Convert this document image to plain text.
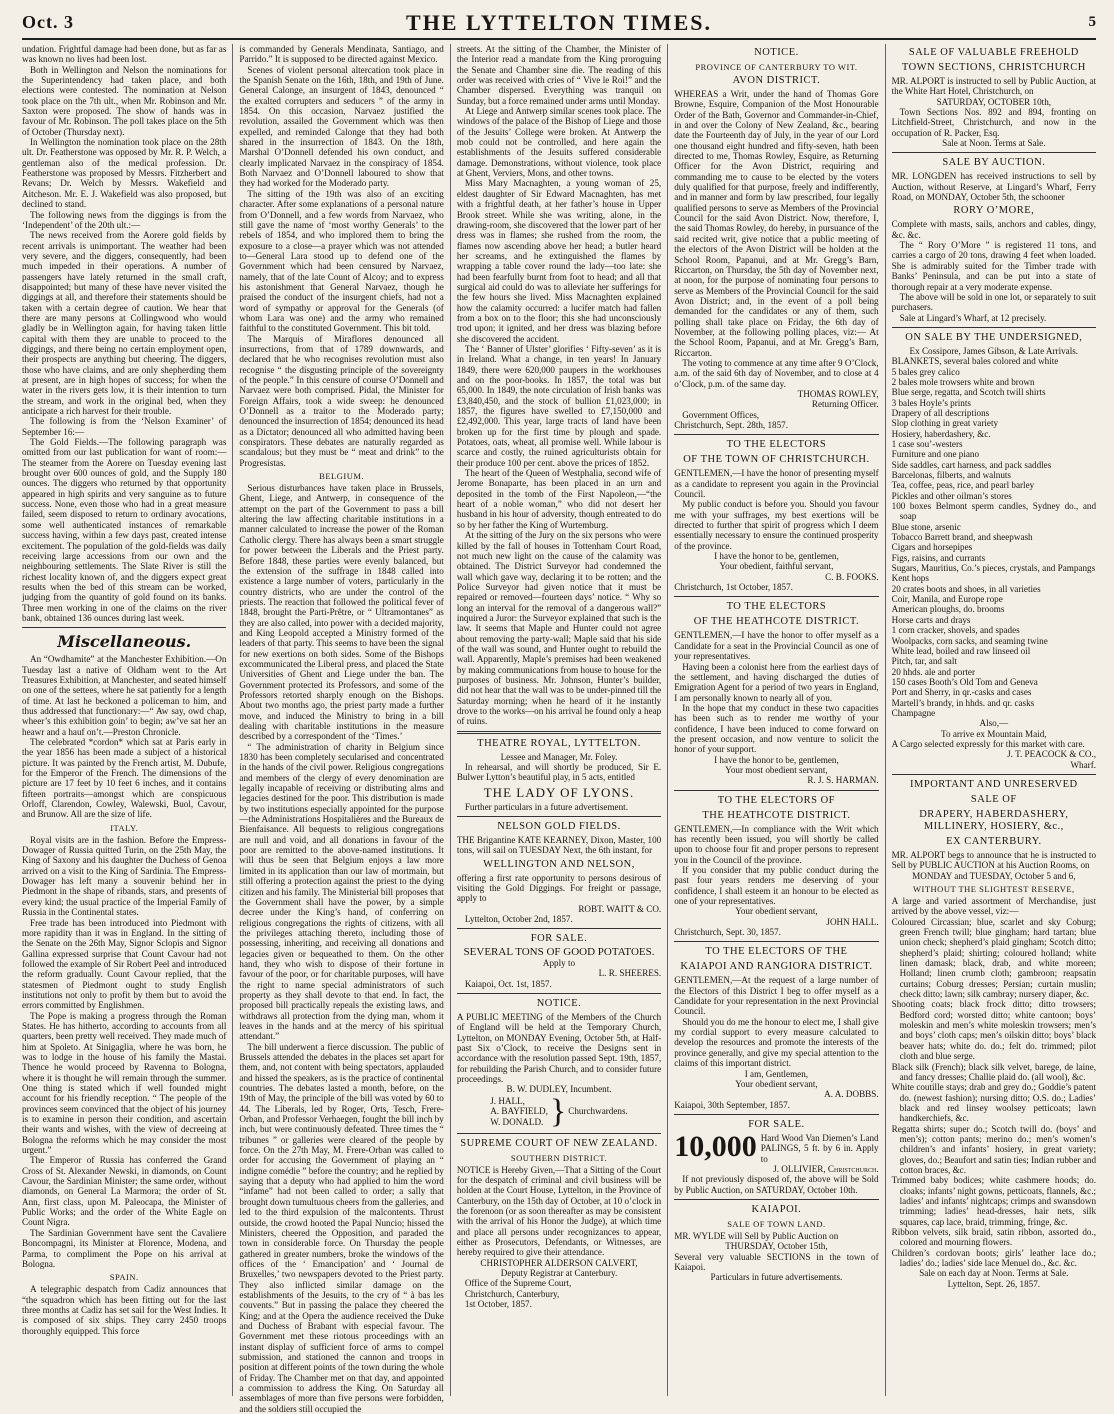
Oct. 3	THE LYTTELTON TIMES.	5

undation. Frightful damage had been done, but as far as was known no lives had been lost.

Both in Wellington and Nelson the nominations for the Superintendency had taken place, and both elections were contested. The nomination at Nelson took place on the 7th ult., when Mr. Robinson and Mr. Saxton were proposed. The show of hands was in favour of Mr. Robinson. The poll takes place on the 5th of October (Thursday next).

In Wellington the nomination took place on the 28th ult. Dr. Featherstone was opposed by Mr. R. P. Welch, a gentleman also of the medical profession. Dr. Featherstone was proposed by Messrs. Fitzherbert and Revans; Dr. Welch by Messrs. Wakefield and Aitcheson. Mr. E. J. Wakefield was also proposed, but declined to stand.

The following news from the diggings is from the ‘Independent’ of the 20th ult.:—

The news received from the Aorere gold fields by recent arrivals is unimportant. The weather had been very severe, and the diggers, consequently, had been much impeded in their operations. A number of passengers have lately returned in the small craft, disappointed; but many of these have never visited the diggings at all, and therefore their statements should be taken with a certain degree of caution. We hear that there are many persons at Collingwood who would gladly be in Wellington again, for having taken little capital with them they are unable to proceed to the diggings, and there being no certain employment open, their prospects are anything but cheering. The diggers, those who have claims, and are only shepherding them at present, are in high hopes of success; for when the water in the rivers gets low, it is their intention to turn the stream, and work in the original bed, when they anticipate a rich harvest for their trouble.

The following is from the ‘Nelson Examiner’ of September 16:—

The Gold Fields.—The following paragraph was omitted from our last publication for want of room:—The steamer from the Aorere on Tuesday evening last brought over 600 ounces of gold, and the Supply 180 ounces. The diggers who returned by that opportunity appeared in high spirits and very sanguine as to future success. None, even those who had in a great measure failed, seem disposed to return to ordinary avocations, some well authenticated instances of remarkable success having, within a few days past, created intense excitement. The population of the gold-fields was daily receiving large accessions from our own and the neighbouring settlements. The Slate River is still the richest locality known of, and the diggers expect great results when the bed of this stream can be worked, judging from the quantity of gold found on its banks. Three men working in one of the claims on the river bank, obtained 136 ounces during last week.

Miscellaneous.

An “Owdhamite” at the Manchester Exhibition.—On Tuesday last a native of Oldham went to the Art Treasures Exhibition, at Manchester, and seated himself on one of the settees, where he sat patiently for a length of time. At last he beckoned a policeman to him, and thus addressed that functionary:—“ Aw say, owd chap, wheer’s this exhibition goin’ to begin; aw’ve sat her an heawr and a hauf on’t.—Preston Chronicle.

The celebrated *cordon* which sat at Paris early in the year 1856 has been made a subject of a historical picture. It was painted by the French artist, M. Dubufe, for the Emperor of the French. The dimensions of the picture are 17 feet by 10 feet 6 inches, and it contains fifteen portraits—amongst which are conspicuous Orloff, Clarendon, Cowley, Walewski, Buol, Cavour, and Brunow. All are the size of life.

ITALY.

Royal visits are in the fashion. Before the Empress-Dowager of Russia quitted Turin, on the 25th May, the King of Saxony and his daughter the Duchess of Genoa arrived on a visit to the King of Sardinia. The Empress-Dowager has left many a souvenir behind her in Piedmont in the shape of ribands, stars, and presents of every kind; the usual practice of the Imperial Family of Russia in the Continental states.

Free trade has been introduced into Piedmont with more rapidity than it was in England. In the sitting of the Senate on the 26th May, Signor Sclopis and Signor Gallina expressed surprise that Count Cavour had not followed the example of Sir Robert Peel and introduced the reform gradually. Count Cavour replied, that the statesmen of Piedmont ought to study English institutions not only to profit by them but to avoid the errors committed by Englishmen.

The Pope is making a progress through the Roman States. He has hitherto, according to accounts from all quarters, been pretty well received. They made much of him at Spoleto. At Sinigaglia, where he was born, he was to lodge in the house of his family the Mastai. Thence he would proceed by Ravenna to Bologna, where it is thought he will remain through the summer. One thing is stated which if well founded might account for his friendly reception. “ The people of the provinces seem convinced that the object of his journey is to examine in person their condition, and ascertain their wants and wishes, with the view of decreeing at Bologna the reforms which he may consider the most urgent.”

The Emperor of Russia has conferred the Grand Cross of St. Alexander Newski, in diamonds, on Count Cavour, the Sardinian Minister; the same order, without diamonds, on General La Marmora; the order of St. Ann, first class, upon M. Paleocapa, the Minister of Public Works; and the order of the White Eagle on Count Nigra.

The Sardinian Government have sent the Cavaliere Boncompagni, its Minister at Florence, Modena, and Parma, to compliment the Pope on his arrival at Bologna.

SPAIN.

A telegraphic despatch from Cadiz announces that “the squadron which has been fitting out for the last three months at Cadiz has set sail for the West Indies. It is composed of six ships. They carry 2450 troops thoroughly equipped. This force

is commanded by Generals Mendinata, Santiago, and Parrido.” It is supposed to be directed against Mexico.

Scenes of violent personal altercation took place in the Spanish Senate on the 16th, 18th, and 19th of June. General Calonge, an insurgent of 1843, denounced “ the exalted corrupters and seducers ” of the army in 1854. On this occasion, Narvaez justified the revolution, assailed the Government which was then expelled, and reminded Calonge that they had both shared in the insurrection of 1843. On the 18th, Marshal O’Donnell defended his own conduct, and clearly implicated Narvaez in the conspiracy of 1854. Both Narvaez and O’Donnell laboured to show that they had worked for the Moderado party.

The sitting of the 19th was also of an exciting character. After some explanations of a personal nature from O’Donnell, and a few words from Narvaez, who still gave the name of ‘most worthy Generals’ to the rebels of 1854, and who implored them to bring the exposure to a close—a prayer which was not attended to—General Lara stood up to defend one of the Government which had been censured by Narvaez, namely, that of the late Count of Alcoy; and to express his astonishment that General Narvaez, though he praised the conduct of the insurgent chiefs, had not a word of sympathy or approval for the Generals (of whom Lara was one) and the army who remained faithful to the constituted Government. This bit told.

The Marquis of Miraflores denounced all insurrections, from that of 1789 downwards, and declared that he who recognises revolution must also recognise “ the disgusting principle of the sovereignty of the people.” In this censure of course O’Donnell and Narvaez were both comprised. Pidal, the Minister for Foreign Affairs, took a wide sweep: he denounced O’Donnell as a traitor to the Moderado party; denounced the insurrection of 1854; denounced its head as a Dictator; denounced all who admitted having been conspirators. These debates are naturally regarded as scandalous; but they must be “ meat and drink” to the Progresistas.

BELGIUM.

Serious disturbances have taken place in Brussels, Ghent, Liege, and Antwerp, in consequence of the attempt on the part of the Government to pass a bill altering the law affecting charitable institutions in a manner calculated to increase the power of the Roman Catholic clergy. There has always been a smart struggle for power between the Liberals and the Priest party. Before 1848, these parties were evenly balanced, but the extension of the suffrage in 1848 called into existence a large number of voters, particularly in the country districts, who are under the control of the priests. The reaction that followed the political fever of 1848, brought the Parti-Prêtre, or “ Ultramontanes” as they are also called, into power with a decided majority, and King Leopold accepted a Ministry formed of the leaders of that party. This seems to have been the signal for new exertions on both sides. Some of the Bishops excommunicated the Liberal press, and placed the State Universities of Ghent and Liege under the ban. The Government protected its Professors, and some of the Professors retorted sharply enough on the Bishops. About two months ago, the priest party made a further move, and induced the Ministry to bring in a bill dealing with charitable institutions in the measure described by a correspondent of the ‘Times.’

“ The administration of charity in Belgium since 1830 has been completely secularised and concentrated in the hands of the civil power. Religious congregations and members of the clergy of every denomination are legally incapable of receiving or distributing alms and legacies destined for the poor. This distribution is made by two institutions especially appointed for the purpose—the Administrations Hospitalières and the Bureaux de Bienfaisance. All bequests to religious congregations are null and void, and all donations in favour of the poor are remitted to the above-named institutions. It will thus be seen that Belgium enjoys a law more limited in its application than our law of mortmain, but still offering a protection against the priest to the dying citizen and his family. The Ministerial bill proposes that the Government shall have the power, by a simple decree under the King’s hand, of conferring on religious congregations the rights of citizens, with all the privileges attaching thereto, including those of possessing, inheriting, and receiving all donations and legacies given or bequeathed to them. On the other hand, they who wish to dispose of their fortune in favour of the poor, or for charitable purposes, will have the right to name special administrators of such property as they shall devote to that end. In fact, the proposed bill practically repeals the existing laws, and withdraws all protection from the dying man, whom it leaves in the hands and at the mercy of his spiritual attendant.”

The bill underwent a fierce discussion. The public of Brussels attended the debates in the places set apart for them, and, not content with being spectators, applauded and hissed the speakers, as is the practice of continental countries. The debates lasted a month, before, on the 19th of May, the principle of the bill was voted by 60 to 44. The Liberals, led by Roger, Orts, Tesch, Frere-Orban, and Professor Verhaegen, fought the bill inch by inch, but were continuously defeated. Three times the “ tribunes ” or galleries were cleared of the people by force. On the 27th May, M. Frere-Orban was called to order for accusing the Government of playing an “ indigne comédie ” before the country; and he replied by saying that a deputy who had applied to him the word “infame” had not been called to order; a sally that brought down tumultuous cheers from the galleries, and led to the third expulsion of the malcontents. Thrust outside, the crowd hooted the Papal Nuncio; hissed the Ministers, cheered the Opposition, and paraded the town in considerable force. On Thursday the people gathered in greater numbers, broke the windows of the offices of the ‘ Emancipation’ and ‘ Journal de Bruxelles,’ two newspapers devoted to the Priest party. They also inflicted similar damage on the establishments of the Jesuits, to the cry of “ à bas les couvents.” But in passing the palace they cheered the King; and at the Opera the audience received the Duke and Duchess of Brabant with especial favour. The Government met these riotous proceedings with an instant display of sufficient force of arms to compel submission, and stationed the cannon and troops in position at different points of the town during the whole of Friday. The Chamber met on that day, and appointed a commission to address the King. On Saturday all assemblages of more than five persons were forbidden, and the soldiers still occupied the

streets. At the sitting of the Chamber, the Minister of the Interior read a mandate from the King proroguing the Senate and Chamber sine die. The reading of this order was received with cries of “ Vive le Roi!” and the Chamber dispersed. Everything was tranquil on Sunday, but a force remained under arms until Monday.

At Liege and Antwerp similar scenes took place. The windows of the palace of the Bishop of Liege and those of the Jesuits’ College were broken. At Antwerp the mob could not be controlled, and here again the establishments of the Jesuits suffered considerable damage. Demonstrations, without violence, took place at Ghent, Verviers, Mons, and other towns.

Miss Mary Macnaghten, a young woman of 25, eldest daughter of Sir Edward Macnaghten, has met with a frightful death, at her father’s house in Upper Brook street. While she was writing, alone, in the drawing-room, she discovered that the lower part of her dress was in flames; she rushed from the room, the flames now ascending above her head; a butler heard her screams, and he extinguished the flames by wrapping a table cover round the lady—too late: she had been fearfully burnt from foot to head; and all that surgical aid could do was to alleviate her sufferings for the few hours she lived. Miss Macnaghten explained how the calamity occurred: a lucifer match had fallen from a box on to the floor; this she had unconsciously trod upon; it ignited, and her dress was blazing before she discovered the accident.

The ‘ Banner of Ulster’ glorifies ‘ Fifty-seven’ as it is in Ireland. What a change, in ten years! In January 1849, there were 620,000 paupers in the workhouses and on the poor-books. In 1857, the total was but 65,000. In 1849, the note circulation of Irish banks was £3,840,450, and the stock of bullion £1,023,000; in 1857, the figures have swelled to £7,150,000 and £2,492,000. This year, large tracts of land have been broken up for the first time by plough and spade. Potatoes, oats, wheat, all promise well. While labour is scarce and costly, the ruined agriculturists obtain for their produce 100 per cent. above the prices of 1852.

The heart of the Queen of Westphalia, second wife of Jerome Bonaparte, has been placed in an urn and deposited in the tomb of the First Napoleon,—“the heart of a noble woman,” who did not desert her husband in his hour of adversity, though entreated to do so by her father the King of Wurtemburg.

At the sitting of the Jury on the six persons who were killed by the fall of houses in Tottenham Court Road, not much new light on the cause of the calamity was obtained. The District Surveyor had condemned the wall which gave way, declaring it to be rotten; and the Police Surveyor had given notice that it must be repaired or removed—fourteen days’ notice. “ Why so long an interval for the removal of a dangerous wall?” inquired a Juror: the Surveyor explained that such is the law. It seems that Maple and Hunter could not agree about removing the party-wall; Maple said that his side of the wall was sound, and Hunter ought to rebuild the wall. Apparently, Maple’s premises had been weakened by making communications from house to house for the purposes of business. Mr. Johnson, Hunter’s builder, did not hear that the wall was to be under-pinned till the Saturday morning; when he heard of it he instantly drove to the works—on his arrival he found only a heap of ruins.

THEATRE ROYAL, LYTTELTON.
Lessee and Manager, Mr. Foley.

In rehearsal, and will shortly be produced, Sir E. Bulwer Lytton’s beautiful play, in 5 acts, entitled

THE LADY OF LYONS.

Further particulars in a future advertisement.

NELSON GOLD FIELDS.

THE Brigantine KATE KEARNEY, Dixon, Master, 100 tons, will sail on TUESDAY Next, the 6th instant, for

WELLINGTON AND NELSON,

offering a first rate opportunity to persons desirous of visiting the Gold Diggings. For freight or passage, apply to

ROBT. WAITT & CO.

Lyttelton, October 2nd, 1857.

FOR SALE.
SEVERAL TONS OF GOOD POTATOES.
Apply to
L. R. SHEERES.

Kaiapoi, Oct. 1st, 1857.

NOTICE.

A PUBLIC MEETING of the Members of the Church of England will be held at the Temporary Church, Lyttelton, on MONDAY Evening, October 5th, at Half-past Six o’Clock, to receive the Designs sent in accordance with the resolution passed Sept. 19th, 1857, for rebuilding the Parish Church, and to consider future proceedings.

B. W. DUDLEY, Incumbent.
J. HALL,
A. BAYFIELD,
W. DONALD. } Churchwardens.
SUPREME COURT OF NEW ZEALAND.
SOUTHERN DISTRICT.

NOTICE is Hereby Given,—That a Sitting of the Court for the despatch of criminal and civil business will be holden at the Court House, Lyttelton, in the Province of Canterbury, on the 15th day of October, at 10 o’clock in the forenoon (or as soon thereafter as may be consistent with the arrival of his Honor the Judge), at which time and place all persons under recognizances to appear, either as Prosecutors, Defendants, or Witnesses, are hereby required to give their attendance.

CHRISTOPHER ALDERSON CALVERT,
Deputy Registrar at Canterbury.

Office of the Supreme Court,

Christchurch, Canterbury,

1st October, 1857.

NOTICE.
PROVINCE OF CANTERBURY TO WIT.
AVON DISTRICT.

WHEREAS a Writ, under the hand of Thomas Gore Browne, Esquire, Companion of the Most Honourable Order of the Bath, Governor and Commander-in-Chief, in and over the Colony of New Zealand, &c., bearing date the Fourteenth day of July, in the year of our Lord one thousand eight hundred and fifty-seven, hath been directed to me, Thomas Rowley, Esquire, as Returning Officer for the Avon District, requiring and commanding me to cause to be elected by the voters duly qualified for that purpose, freely and indifferently, and in manner and form by law prescribed, four legally qualified persons to serve as Members of the Provincial Council for the said Avon District. Now, therefore, I, the said Thomas Rowley, do hereby, in pursuance of the said recited writ, give notice that a public meeting of the electors of the Avon District will be holden at the School Room, Papanui, and at Mr. Gregg’s Barn, Riccarton, on Thursday, the 5th day of November next, at noon, for the purpose of nominating four persons to serve as Members of the Provincial Council for the said Avon District; and, in the event of a poll being demanded for the candidates or any of them, such polling shall take place on Friday, the 6th day of November, at the following polling places, viz:— At the School Room, Papanui, and at Mr. Gregg’s Barn, Riccarton.

The voting to commence at any time after 9 O’Clock, a.m. of the said 6th day of November, and to close at 4 o’Clock, p.m. of the same day.

THOMAS ROWLEY,
Returning Officer.

Government Offices,

Christchurch, Sept. 28th, 1857.

TO THE ELECTORS
OF THE TOWN OF CHRISTCHURCH.

GENTLEMEN,—I have the honor of presenting myself as a candidate to represent you again in the Provincial Council.

My public conduct is before you. Should you favour me with your suffrages, my best exertions will be directed to further that spirit of progress which I deem essentially necessary to ensure the continued prosperity of the province.

I have the honor to be, gentlemen,
Your obedient, faithful servant,
C. B. FOOKS.

Christchurch, 1st October, 1857.

TO THE ELECTORS
OF THE HEATHCOTE DISTRICT.

GENTLEMEN,—I have the honor to offer myself as a Candidate for a seat in the Provincial Council as one of your representatives.

Having been a colonist here from the earliest days of the settlement, and having discharged the duties of Emigration Agent for a period of two years in England, I am personally known to nearly all of you.

In the hope that my conduct in these two capacities has been such as to render me worthy of your confidence, I have been induced to come forward on the present occasion, and now venture to solicit the honor of your support.

I have the honor to be, gentlemen,
Your most obedient servant,
R. J. S. HARMAN.
TO THE ELECTORS OF
THE HEATHCOTE DISTRICT.

GENTLEMEN,—In compliance with the Writ which has recently been issued, you will shortly be called upon to choose four fit and proper persons to represent you in the Council of the province.

If you consider that my public conduct during the past four years renders me deserving of your confidence, I shall esteem it an honour to be elected as one of your representatives.

Your obedient servant,
JOHN HALL.

Christchurch, Sept. 30, 1857.

TO THE ELECTORS OF THE
KAIAPOI AND RANGIORA DISTRICT.

GENTLEMEN,—At the request of a large number of the Electors of this District I beg to offer myself as a Candidate for your representation in the next Provincial Council.

Should you do me the honour to elect me, I shall give my cordial support to every measure calculated to develop the resources and promote the interests of the province generally, and give my special attention to the claims of this important district.

I am, Gentlemen,
Your obedient servant,
A. A. DOBBS.

Kaiapoi, 30th September, 1857.

FOR SALE.
10,000 Hard Wood Van Diemen’s Land PALINGS, 5 ft. by 6 in. Apply to

J. OLLIVIER, Christchurch.

If not previously disposed of, the above will be Sold by Public Auction, on SATURDAY, October 10th.

KAIAPOI.
SALE OF TOWN LAND.

MR. WYLDE will Sell by Public Auction on

THURSDAY, October 15th,

Several very valuable SECTIONS in the town of Kaiapoi.

Particulars in future advertisements.
SALE OF VALUABLE FREEHOLD
TOWN SECTIONS, CHRISTCHURCH

MR. ALPORT is instructed to sell by Public Auction, at the White Hart Hotel, Christchurch, on

SATURDAY, OCTOBER 10th,

Town Sections Nos. 892 and 894, fronting on Litchfield-Street, Christchurch, and now in the occupation of R. Packer, Esq.

Sale at Noon. Terms at Sale.
SALE BY AUCTION.

MR. LONGDEN has received instructions to sell by Auction, without Reserve, at Lingard’s Wharf, Ferry Road, on MONDAY, October 5th, the schooner

RORY O’MORE,

Complete with masts, sails, anchors and cables, dingy, &c. &c.

The “ Rory O’More ” is registered 11 tons, and carries a cargo of 20 tons, drawing 4 feet when loaded. She is admirably suited for the Timber trade with Banks’ Peninsula, and can be put into a state of thorough repair at a very moderate expense.

The above will be sold in one lot, or separately to suit purchasers.

Sale at Lingard’s Wharf, at 12 precisely.

ON SALE BY THE UNDERSIGNED,
Ex Cossipore, James Gibson, & Late Arrivals.
BLANKETS, several bales colored and white
5 bales grey calico
2 bales mole trowsers white and brown
Blue serge, regatta, and Scotch twill shirts
3 bales Hoyle’s prints
Drapery of all descriptions
Slop clothing in great variety
Hosiery, haberdashery, &c.
1 case sou’-westers
Furniture and one piano
Side saddles, cart harness, and pack saddles
Barcelonas, filberts, and walnuts
Tea, coffee, peas, rice, and pearl barley
Pickles and other oilman’s stores
100 boxes Belmont sperm candles, Sydney do., and soap
Blue stone, arsenic
Tobacco Barrett brand, and sheepwash
Cigars and horsepipes
Figs, raisins, and currants
Sugars, Mauritius, Co.’s pieces, crystals, and Pampangs
Kent hops
20 crates boots and shoes, in all varieties
Coir, Manila, and Europe rope
American ploughs, do. brooms
Horse carts and drays
1 corn cracker, shovels, and spades
Woolpacks, corn sacks, and seaming twine
White lead, boiled and raw linseed oil
Pitch, tar, and salt
20 hhds. ale and porter
150 cases Booth’s Old Tom and Geneva
Port and Sherry, in qr.-casks and cases
Martell’s brandy, in hhds. and qr. casks
Champagne
Also,—
To arrive ex Mountain Maid,

A Cargo selected expressly for this market with care.

J. T. PEACOCK & CO.,
Wharf.
IMPORTANT AND UNRESERVED
SALE OF
DRAPERY, HABERDASHERY, MILLINERY, HOSIERY, &c.,
EX CANTERBURY.

MR. ALPORT begs to announce that he is instructed to Sell by PUBLIC AUCTION at his Auction Rooms, on

MONDAY and TUESDAY, October 5 and 6,
WITHOUT THE SLIGHTEST RESERVE,

A large and varied assortment of Merchandise, just arrived by the above vessel, viz:—

Coloured Circassian; blue, scarlet and sky Coburg; green French twill; blue gingham; hard tartan; blue union check; shepherd’s plaid gingham; Scotch ditto; shepherd’s plaid; shirting; coloured holland; white linen damask; black, drab, and white moreen; Holland; linen crumb cloth; gambroon; reapsatin curtains; Coburg dresses; Persian; curtain muslin; check ditto; lawn; silk cambray; nursery diaper, &c.
Shooting coats; black frock ditto; ditto trowsers; Bedford cord; worsted ditto; white cantoon; boys’ moleskin and men’s white moleskin trowsers; men’s and boys’ cloth caps; men’s oilskin ditto; boys’ black beaver hats; white do. do.; felt do. trimmed; pilot cloth and blue serge.
Black silk (French); black silk velvet, barege, de laine, and fancy dresses; Challie plaid do. (all wool), &c.
White coutille stays; drab and grey do.; Goddie’s patent do. (newest fashion); nursing ditto; O.S. do.; Ladies’ black and red linsey woolsey petticoats; lawn handkerchiefs, &c.
Regatta shirts; super do.; Scotch twill do. (boys’ and men’s); cotton pants; merino do.; men’s women’s children’s and infants’ hosiery, in great variety; gloves, do.; Beaufort and satin ties; Indian rubber and cotton braces, &c.
Trimmed baby bodices; white cashmere hoods; do. cloaks; infants’ night gowns, petticoats, flannels, &c.; ladies’ and infants’ nightcaps; crimps and swansdown trimming; ladies’ head-dresses, hair nets, silk squares, cap lace, braid, trimming, fringe, &c.
Ribbon velvets, silk braid, satin ribbon, assorted do., colored and mourning flowers.
Children’s cordovan boots; girls’ leather lace do.; ladies’ do.; ladies’ side lace Menuel do., &c. &c.
Sale on each day at Noon. Terms at Sale.
Lyttelton, Sept. 26, 1857.
